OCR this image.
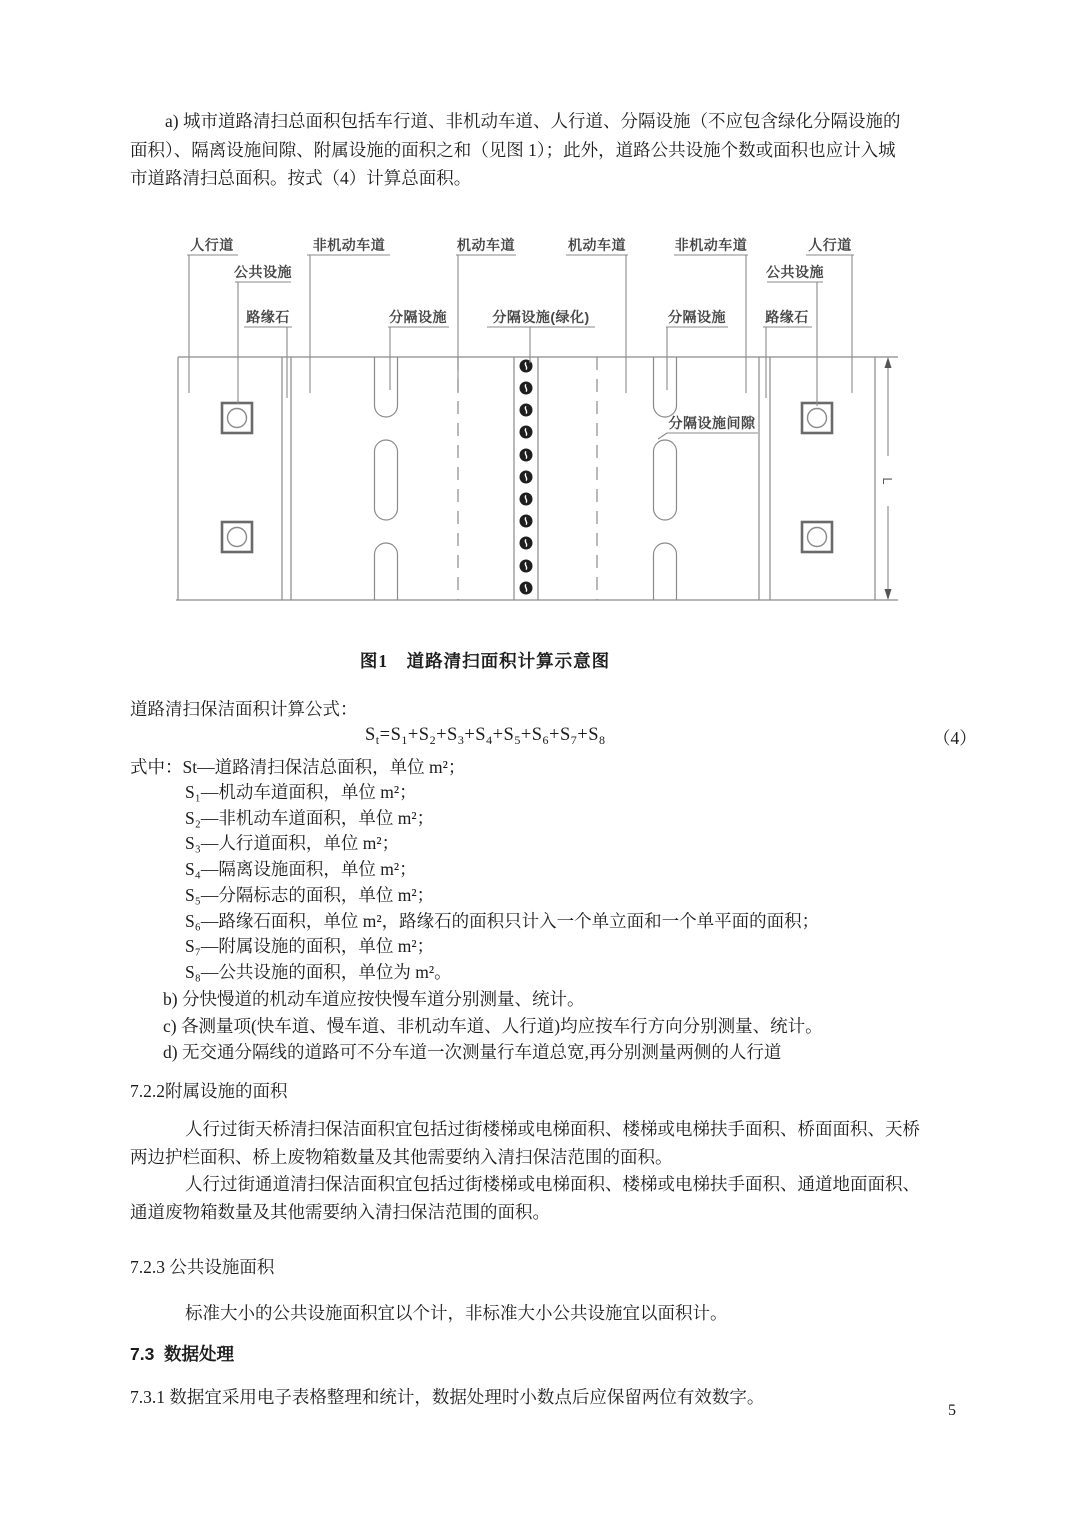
a) 城市道路清扫总面积包括车行道、非机动车道、人行道、分隔设施（不应包含绿化分隔设施的
面积）、隔离设施间隙、附属设施的面积之和（见图 1）；此外，道路公共设施个数或面积也应计入城
市道路清扫总面积。按式（4）计算总面积。
L
人行道	非机动车道	机动车道	机动车道	非机动车道	人行道
公共设施	公共设施
路缘石	分隔设施	分隔设施(绿化)	分隔设施	路缘石
分隔设施间隙
图1　道路清扫面积计算示意图
道路清扫保洁面积计算公式：
$S_t=S_1+S_2+S_3+S_4+S_5+S_6+S_7+S_8$	（4）
式中：St—道路清扫保洁总面积，单位 m²；
S₁—机动车道面积，单位 m²；
S₂—非机动车道面积，单位 m²；
S₃—人行道面积，单位 m²；
S₄—隔离设施面积，单位 m²；
S₅—分隔标志的面积，单位 m²；
S₆—路缘石面积，单位 m²，路缘石的面积只计入一个单立面和一个单平面的面积；
S₇—附属设施的面积，单位 m²；
S₈—公共设施的面积，单位为 m²。
b) 分快慢道的机动车道应按快慢车道分别测量、统计。
c) 各测量项(快车道、慢车道、非机动车道、人行道)均应按车行方向分别测量、统计。
d) 无交通分隔线的道路可不分车道一次测量行车道总宽,再分别测量两侧的人行道
7.2.2附属设施的面积
人行过街天桥清扫保洁面积宜包括过街楼梯或电梯面积、楼梯或电梯扶手面积、桥面面积、天桥
两边护栏面积、桥上废物箱数量及其他需要纳入清扫保洁范围的面积。
人行过街通道清扫保洁面积宜包括过街楼梯或电梯面积、楼梯或电梯扶手面积、通道地面面积、
通道废物箱数量及其他需要纳入清扫保洁范围的面积。
7.2.3 公共设施面积
标准大小的公共设施面积宜以个计，非标准大小公共设施宜以面积计。
7.3  数据处理
7.3.1 数据宜采用电子表格整理和统计，数据处理时小数点后应保留两位有效数字。
5
